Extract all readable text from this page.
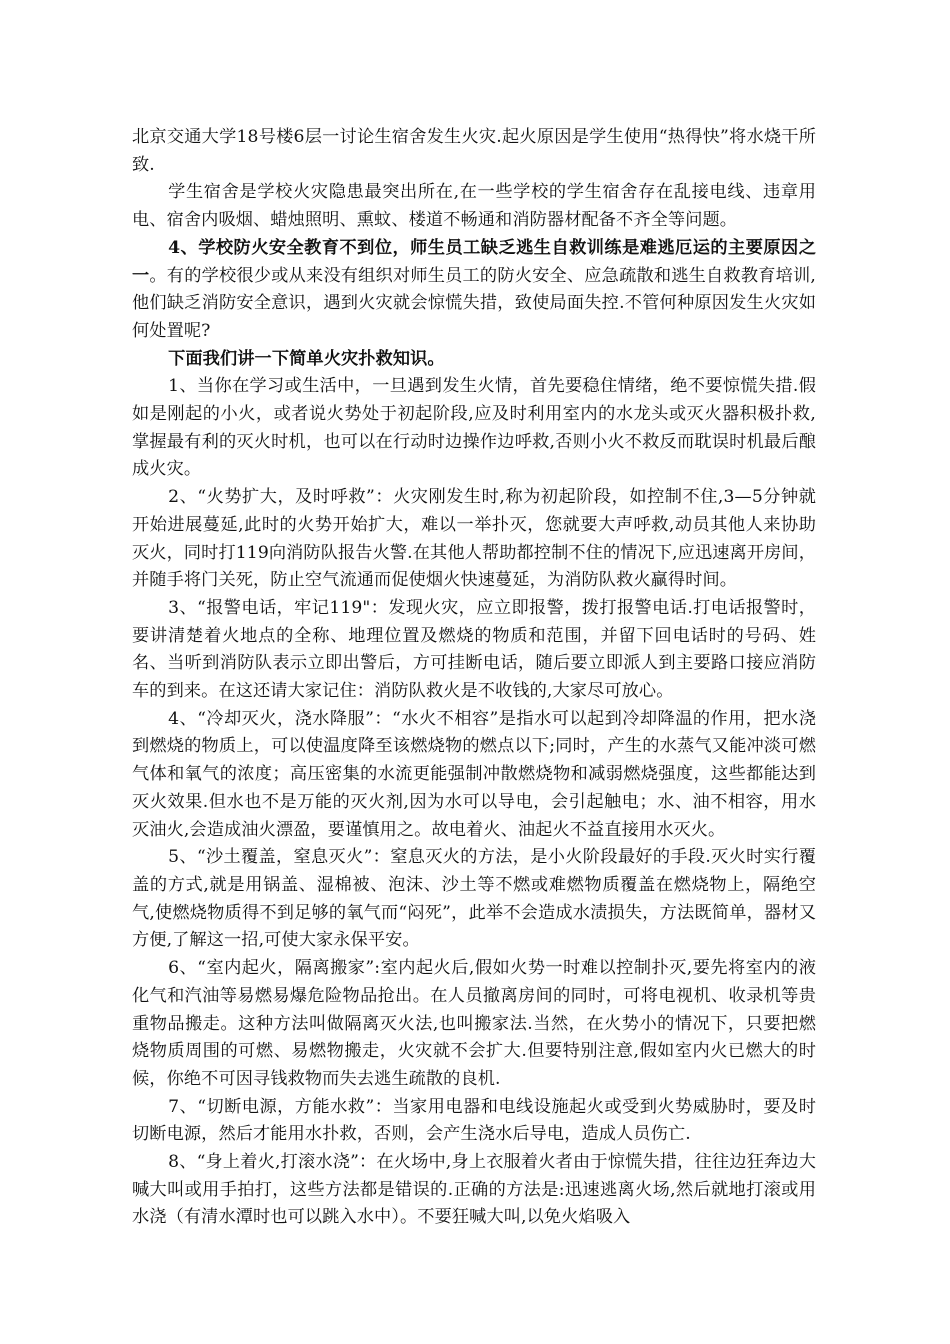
北京交通大学18号楼6层一讨论生宿舍发生火灾.起火原因是学生使用“热得快”将水烧干所致.

学生宿舍是学校火灾隐患最突出所在,在一些学校的学生宿舍存在乱接电线、违章用电、宿舍内吸烟、蜡烛照明、熏蚊、楼道不畅通和消防器材配备不齐全等问题。

4、学校防火安全教育不到位，师生员工缺乏逃生自救训练是难逃厄运的主要原因之一。有的学校很少或从来没有组织对师生员工的防火安全、应急疏散和逃生自救教育培训,他们缺乏消防安全意识，遇到火灾就会惊慌失措，致使局面失控.不管何种原因发生火灾如何处置呢?

下面我们讲一下简单火灾扑救知识。

1、当你在学习或生活中，一旦遇到发生火情，首先要稳住情绪，绝不要惊慌失措.假如是刚起的小火，或者说火势处于初起阶段,应及时利用室内的水龙头或灭火器积极扑救,掌握最有利的灭火时机，也可以在行动时边操作边呼救,否则小火不救反而耽误时机最后酿成火灾。

2、“火势扩大，及时呼救”：火灾刚发生时,称为初起阶段，如控制不住,3—5分钟就开始进展蔓延,此时的火势开始扩大，难以一举扑灭，您就要大声呼救,动员其他人来协助灭火，同时打119向消防队报告火警.在其他人帮助都控制不住的情况下,应迅速离开房间，并随手将门关死，防止空气流通而促使烟火快速蔓延，为消防队救火赢得时间。

3、“报警电话，牢记119"：发现火灾，应立即报警，拨打报警电话.打电话报警时，要讲清楚着火地点的全称、地理位置及燃烧的物质和范围，并留下回电话时的号码、姓名、当听到消防队表示立即出警后，方可挂断电话，随后要立即派人到主要路口接应消防车的到来。在这还请大家记住：消防队救火是不收钱的,大家尽可放心。

4、“冷却灭火，浇水降服”：“水火不相容”是指水可以起到冷却降温的作用，把水浇到燃烧的物质上，可以使温度降至该燃烧物的燃点以下;同时，产生的水蒸气又能冲淡可燃气体和氧气的浓度；高压密集的水流更能强制冲散燃烧物和减弱燃烧强度，这些都能达到灭火效果.但水也不是万能的灭火剂,因为水可以导电，会引起触电；水、油不相容，用水灭油火,会造成油火漂盈，要谨慎用之。故电着火、油起火不益直接用水灭火。

5、“沙土覆盖，窒息灭火”：窒息灭火的方法，是小火阶段最好的手段.灭火时实行覆盖的方式,就是用锅盖、湿棉被、泡沫、沙土等不燃或难燃物质覆盖在燃烧物上，隔绝空气,使燃烧物质得不到足够的氧气而“闷死”，此举不会造成水渍损失，方法既简单，器材又方便,了解这一招,可使大家永保平安。

6、“室内起火，隔离搬家”:室内起火后,假如火势一时难以控制扑灭,要先将室内的液化气和汽油等易燃易爆危险物品抢出。在人员撤离房间的同时，可将电视机、收录机等贵重物品搬走。这种方法叫做隔离灭火法,也叫搬家法.当然，在火势小的情况下，只要把燃烧物质周围的可燃、易燃物搬走，火灾就不会扩大.但要特别注意,假如室内火已燃大的时候，你绝不可因寻钱救物而失去逃生疏散的良机.

7、“切断电源，方能水救”：当家用电器和电线设施起火或受到火势威胁时，要及时切断电源，然后才能用水扑救，否则，会产生浇水后导电，造成人员伤亡.

8、“身上着火,打滚水浇”：在火场中,身上衣服着火者由于惊慌失措，往往边狂奔边大喊大叫或用手拍打，这些方法都是错误的.正确的方法是:迅速逃离火场,然后就地打滚或用水浇（有清水潭时也可以跳入水中）。不要狂喊大叫,以免火焰吸入
